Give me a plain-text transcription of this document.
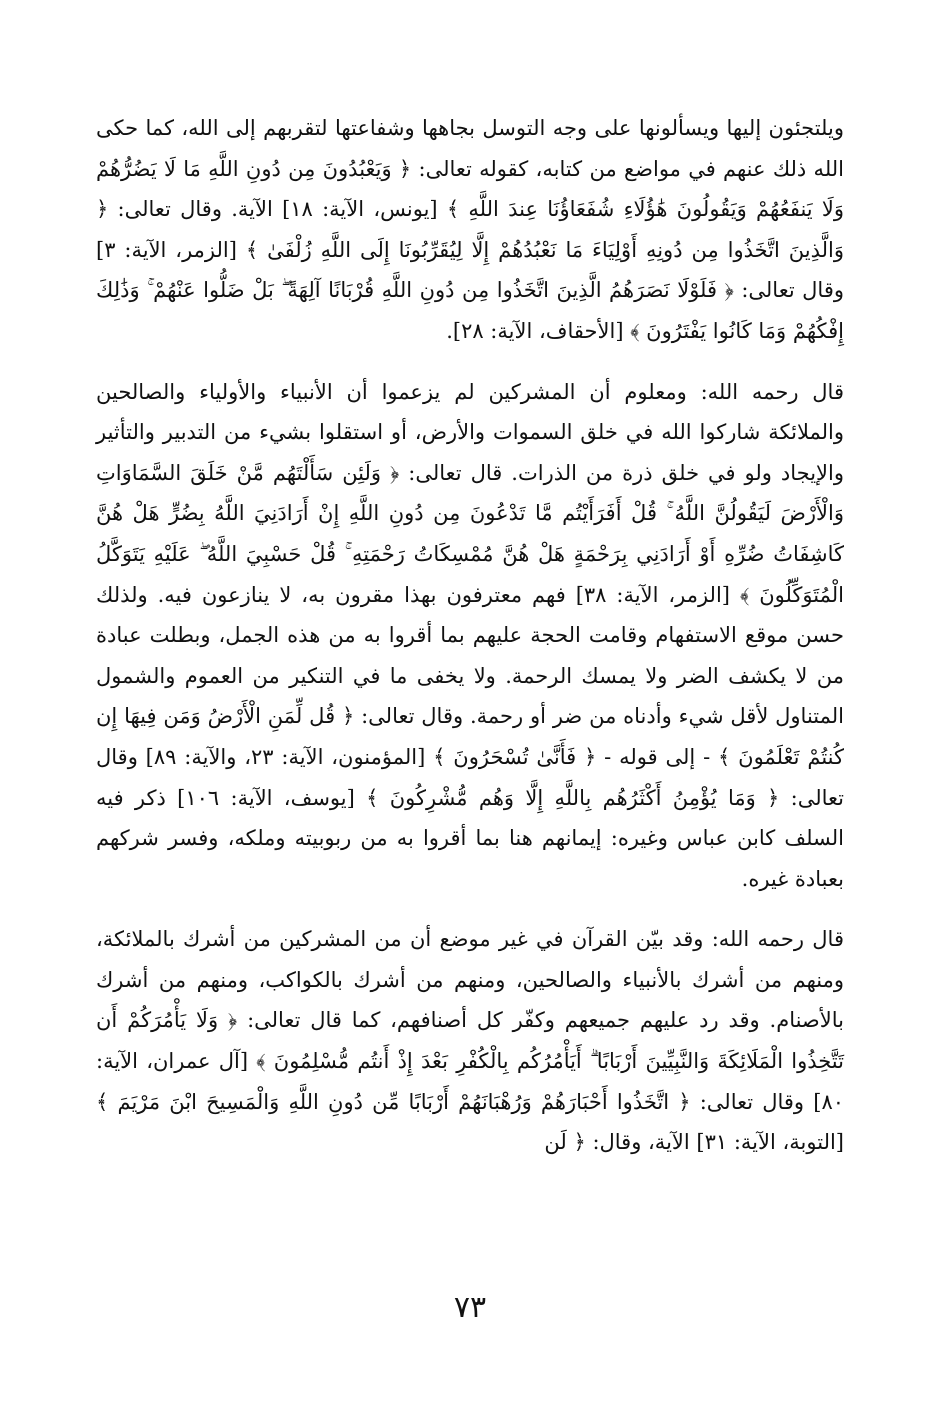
ويلتجئون إليها ويسألونها على وجه التوسل بجاهها وشفاعتها لتقربهم إلى الله، كما حكى الله ذلك عنهم في مواضع من كتابه، كقوله تعالى: ﴿ وَيَعْبُدُونَ مِن دُونِ اللَّهِ مَا لَا يَضُرُّهُمْ وَلَا يَنفَعُهُمْ وَيَقُولُونَ هَٰؤُلَاءِ شُفَعَاؤُنَا عِندَ اللَّهِ ﴾ [يونس، الآية: ١٨] الآية. وقال تعالى: ﴿ وَالَّذِينَ اتَّخَذُوا مِن دُونِهِ أَوْلِيَاءَ مَا نَعْبُدُهُمْ إِلَّا لِيُقَرِّبُونَا إِلَى اللَّهِ زُلْفَىٰ ﴾ [الزمر، الآية: ٣] وقال تعالى: ﴿ فَلَوْلَا نَصَرَهُمُ الَّذِينَ اتَّخَذُوا مِن دُونِ اللَّهِ قُرْبَانًا آلِهَةً ۖ بَلْ ضَلُّوا عَنْهُمْ ۚ وَذَٰلِكَ إِفْكُهُمْ وَمَا كَانُوا يَفْتَرُونَ ﴾ [الأحقاف، الآية: ٢٨].

قال رحمه الله: ومعلوم أن المشركين لم يزعموا أن الأنبياء والأولياء والصالحين والملائكة شاركوا الله في خلق السموات والأرض، أو استقلوا بشيء من التدبير والتأثير والإيجاد ولو في خلق ذرة من الذرات. قال تعالى: ﴿ وَلَئِن سَأَلْتَهُم مَّنْ خَلَقَ السَّمَاوَاتِ وَالْأَرْضَ لَيَقُولُنَّ اللَّهُ ۚ قُلْ أَفَرَأَيْتُم مَّا تَدْعُونَ مِن دُونِ اللَّهِ إِنْ أَرَادَنِيَ اللَّهُ بِضُرٍّ هَلْ هُنَّ كَاشِفَاتُ ضُرِّهِ أَوْ أَرَادَنِي بِرَحْمَةٍ هَلْ هُنَّ مُمْسِكَاتُ رَحْمَتِهِ ۚ قُلْ حَسْبِيَ اللَّهُ ۖ عَلَيْهِ يَتَوَكَّلُ الْمُتَوَكِّلُونَ ﴾ [الزمر، الآية: ٣٨] فهم معترفون بهذا مقرون به، لا ينازعون فيه. ولذلك حسن موقع الاستفهام وقامت الحجة عليهم بما أقروا به من هذه الجمل، وبطلت عبادة من لا يكشف الضر ولا يمسك الرحمة. ولا يخفى ما في التنكير من العموم والشمول المتناول لأقل شيء وأدناه من ضر أو رحمة. وقال تعالى: ﴿ قُل لِّمَنِ الْأَرْضُ وَمَن فِيهَا إِن كُنتُمْ تَعْلَمُونَ ﴾ - إلى قوله - ﴿ فَأَنَّىٰ تُسْحَرُونَ ﴾ [المؤمنون، الآية: ٢٣، والآية: ٨٩] وقال تعالى: ﴿ وَمَا يُؤْمِنُ أَكْثَرُهُم بِاللَّهِ إِلَّا وَهُم مُّشْرِكُونَ ﴾ [يوسف، الآية: ١٠٦] ذكر فيه السلف كابن عباس وغيره: إيمانهم هنا بما أقروا به من ربوبيته وملكه، وفسر شركهم بعبادة غيره.

قال رحمه الله: وقد بيّن القرآن في غير موضع أن من المشركين من أشرك بالملائكة، ومنهم من أشرك بالأنبياء والصالحين، ومنهم من أشرك بالكواكب، ومنهم من أشرك بالأصنام. وقد رد عليهم جميعهم وكفّر كل أصنافهم، كما قال تعالى: ﴿ وَلَا يَأْمُرَكُمْ أَن تَتَّخِذُوا الْمَلَائِكَةَ وَالنَّبِيِّينَ أَرْبَابًا ۗ أَيَأْمُرُكُم بِالْكُفْرِ بَعْدَ إِذْ أَنتُم مُّسْلِمُونَ ﴾ [آل عمران، الآية: ٨٠] وقال تعالى: ﴿ اتَّخَذُوا أَحْبَارَهُمْ وَرُهْبَانَهُمْ أَرْبَابًا مِّن دُونِ اللَّهِ وَالْمَسِيحَ ابْنَ مَرْيَمَ ﴾ [التوبة، الآية: ٣١] الآية، وقال: ﴿ لَن

٧٣
